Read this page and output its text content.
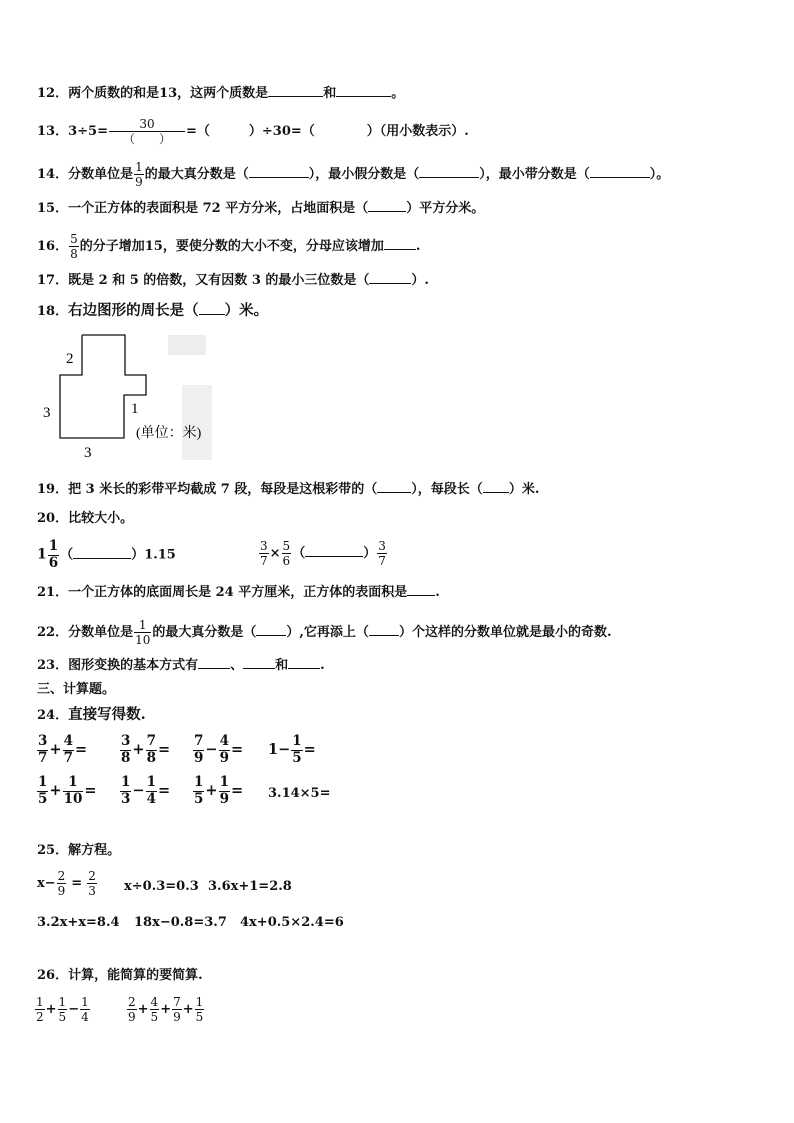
12．两个质数的和是13，这两个质数是	和	。
13．$3\div 5= \frac{30}{( )}$ =（　　　）÷30=（　　　　）（用小数表示）.
14．分数单位是 $\frac{1}{9}$ 的最大真分数是（	），最小假分数是（	），最小带分数是（	）。
15．一个正方体的表面积是 72 平方分米，占地面积是（	）平方分米。
16． $\frac{5}{8}$ 的分子增加15，要使分数的大小不变，分母应该增加 .
17．既是 2 和 5 的倍数，又有因数 3 的最小三位数是（	）.
18．右边图形的周长是（ ）米。
2
3	1
3
(单位：米)
19．把 3 米长的彩带平均截成 7 段，每段是这根彩带的（	），每段长（ ）米.
20．比较大小。
$1 \frac{1}{6}$ （	）1.15	$\frac{3}{7} \times \frac{5}{6}$ （	） $\frac{3}{7}$
21．一个正方体的底面周长是 24 平方厘米，正方体的表面积是 .
22．分数单位是 $\frac{1}{10}$ 的最大真分数是（ ）,它再添上（ ）个这样的分数单位就是最小的奇数.
23．图形变换的基本方式有 、 和 .
三、计算题。
24．直接写得数.
$\frac{3}{7} + \frac{4}{7} = \frac{3}{8} + \frac{7}{8} = \frac{7}{9} - \frac{4}{9} = 1- \frac{1}{5}$ =
$\frac{1}{5} + \frac{1}{10} = \frac{1}{3} - \frac{1}{4} = \frac{1}{5} + \frac{1}{9} = 3.14\times 5=$
25．解方程。
$x- \frac{2}{9} = \frac{2}{3} x\div 0.3=0.3$ 3.6x+1=2.8
3.2x+x=8.4 18x−0.8=3.7 4x+0.5×2.4=6
26．计算，能简算的要简算.
$\frac{1}{2} + \frac{1}{5} - \frac{1}{4}$	$\frac{2}{9} + \frac{4}{5} + \frac{7}{9} + \frac{1}{5}$
